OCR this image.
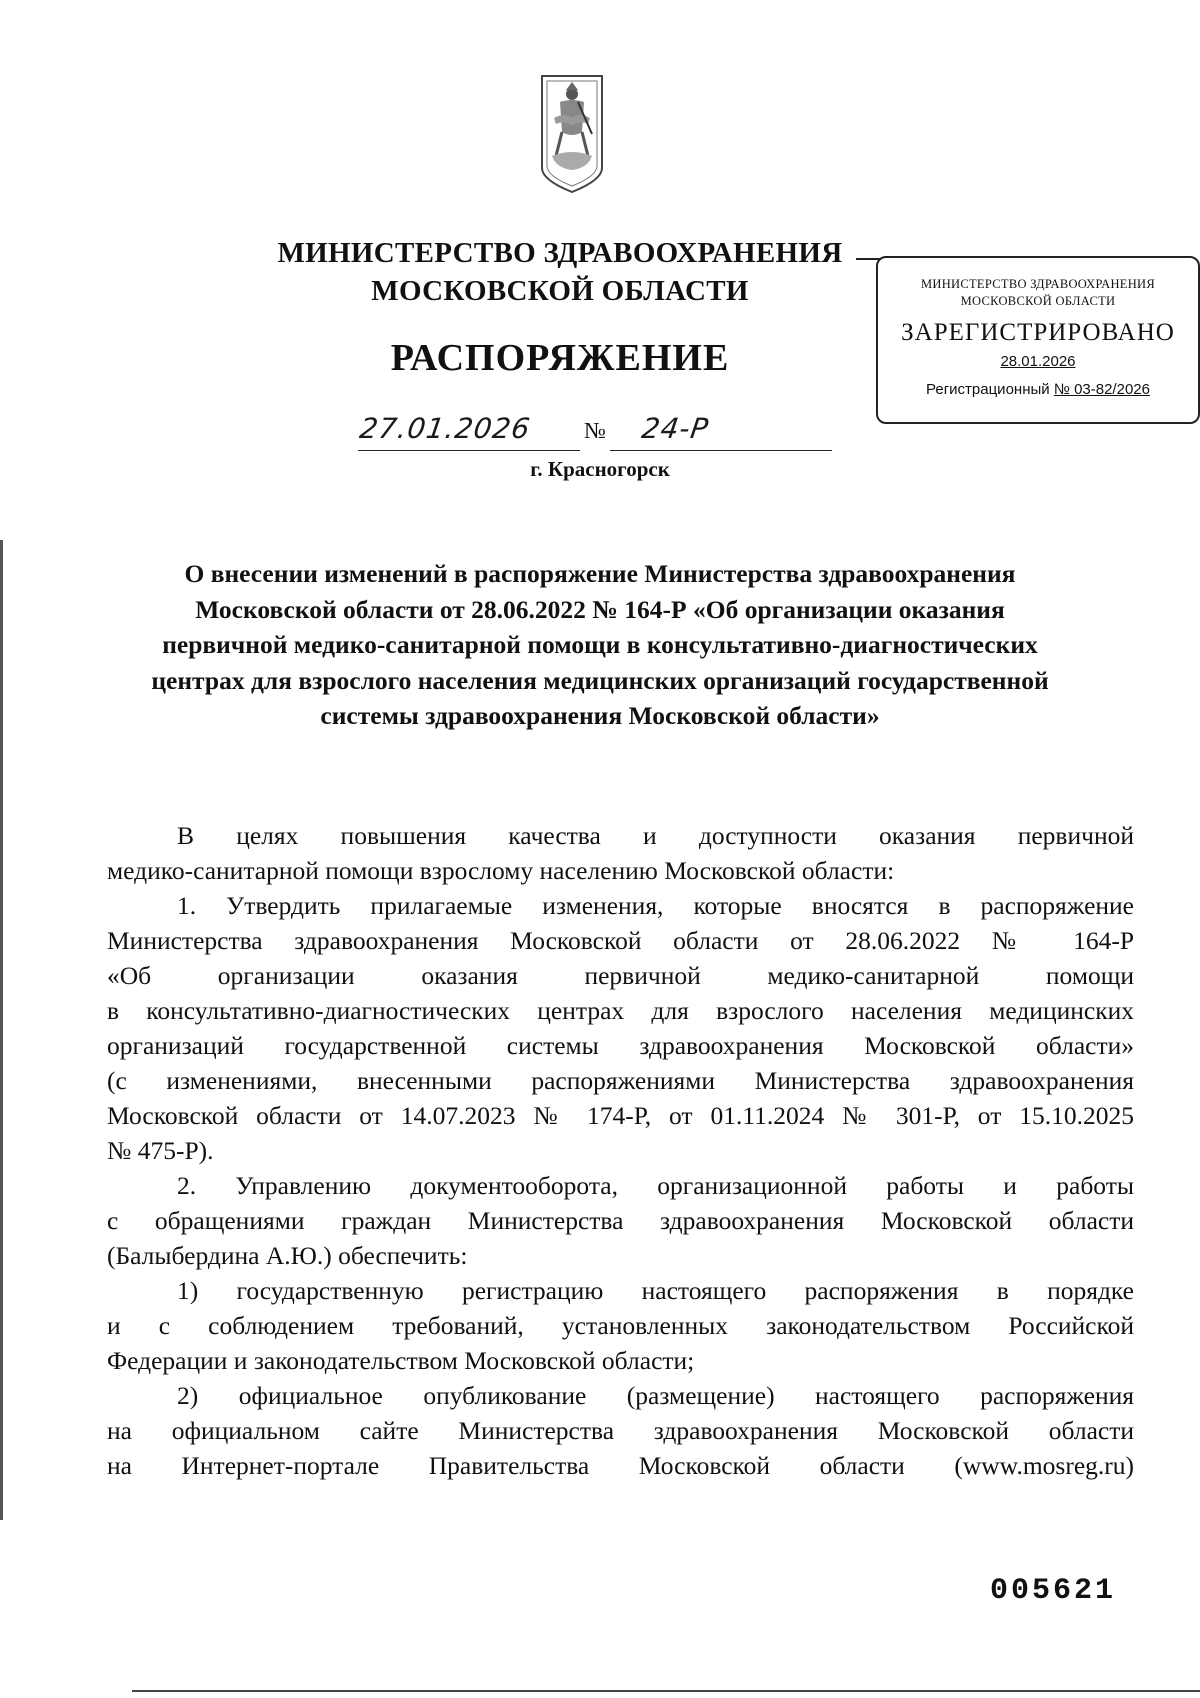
МИНИСТЕРСТВО ЗДРАВООХРАНЕНИЯ
МОСКОВСКОЙ ОБЛАСТИ	МИНИСТЕРСТВО ЗДРАВООХРАНЕНИЯ
МОСКОВСКОЙ ОБЛАСТИ
ЗАРЕГИСТРИРОВАНО
28.01.2026
Регистрационный № 03-82/2026
РАСПОРЯЖЕНИЕ
27.01.2026 № 24-Р
г. Красногорск
О внесении изменений в распоряжение Министерства здравоохранения
Московской области от 28.06.2022 № 164-Р «Об организации оказания
первичной медико-санитарной помощи в консультативно-диагностических
центрах для взрослого населения медицинских организаций государственной
системы здравоохранения Московской области»
В целях повышения качества и доступности оказания первичной
медико-санитарной помощи взрослому населению Московской области:
1. Утвердить прилагаемые изменения, которые вносятся в распоряжение
Министерства здравоохранения Московской области от 28.06.2022 № 164-Р
«Об организации оказания первичной медико-санитарной помощи
в консультативно-диагностических центрах для взрослого населения медицинских
организаций государственной системы здравоохранения Московской области»
(с изменениями, внесенными распоряжениями Министерства здравоохранения
Московской области от 14.07.2023 № 174-Р, от 01.11.2024 № 301-Р, от 15.10.2025
№ 475-Р).
2. Управлению документооборота, организационной работы и работы
с обращениями граждан Министерства здравоохранения Московской области
(Балыбердина А.Ю.) обеспечить:
1) государственную регистрацию настоящего распоряжения в порядке
и с соблюдением требований, установленных законодательством Российской
Федерации и законодательством Московской области;
2) официальное опубликование (размещение) настоящего распоряжения
на официальном сайте Министерства здравоохранения Московской области
на Интернет-портале Правительства Московской области (www.mosreg.ru)
005621
